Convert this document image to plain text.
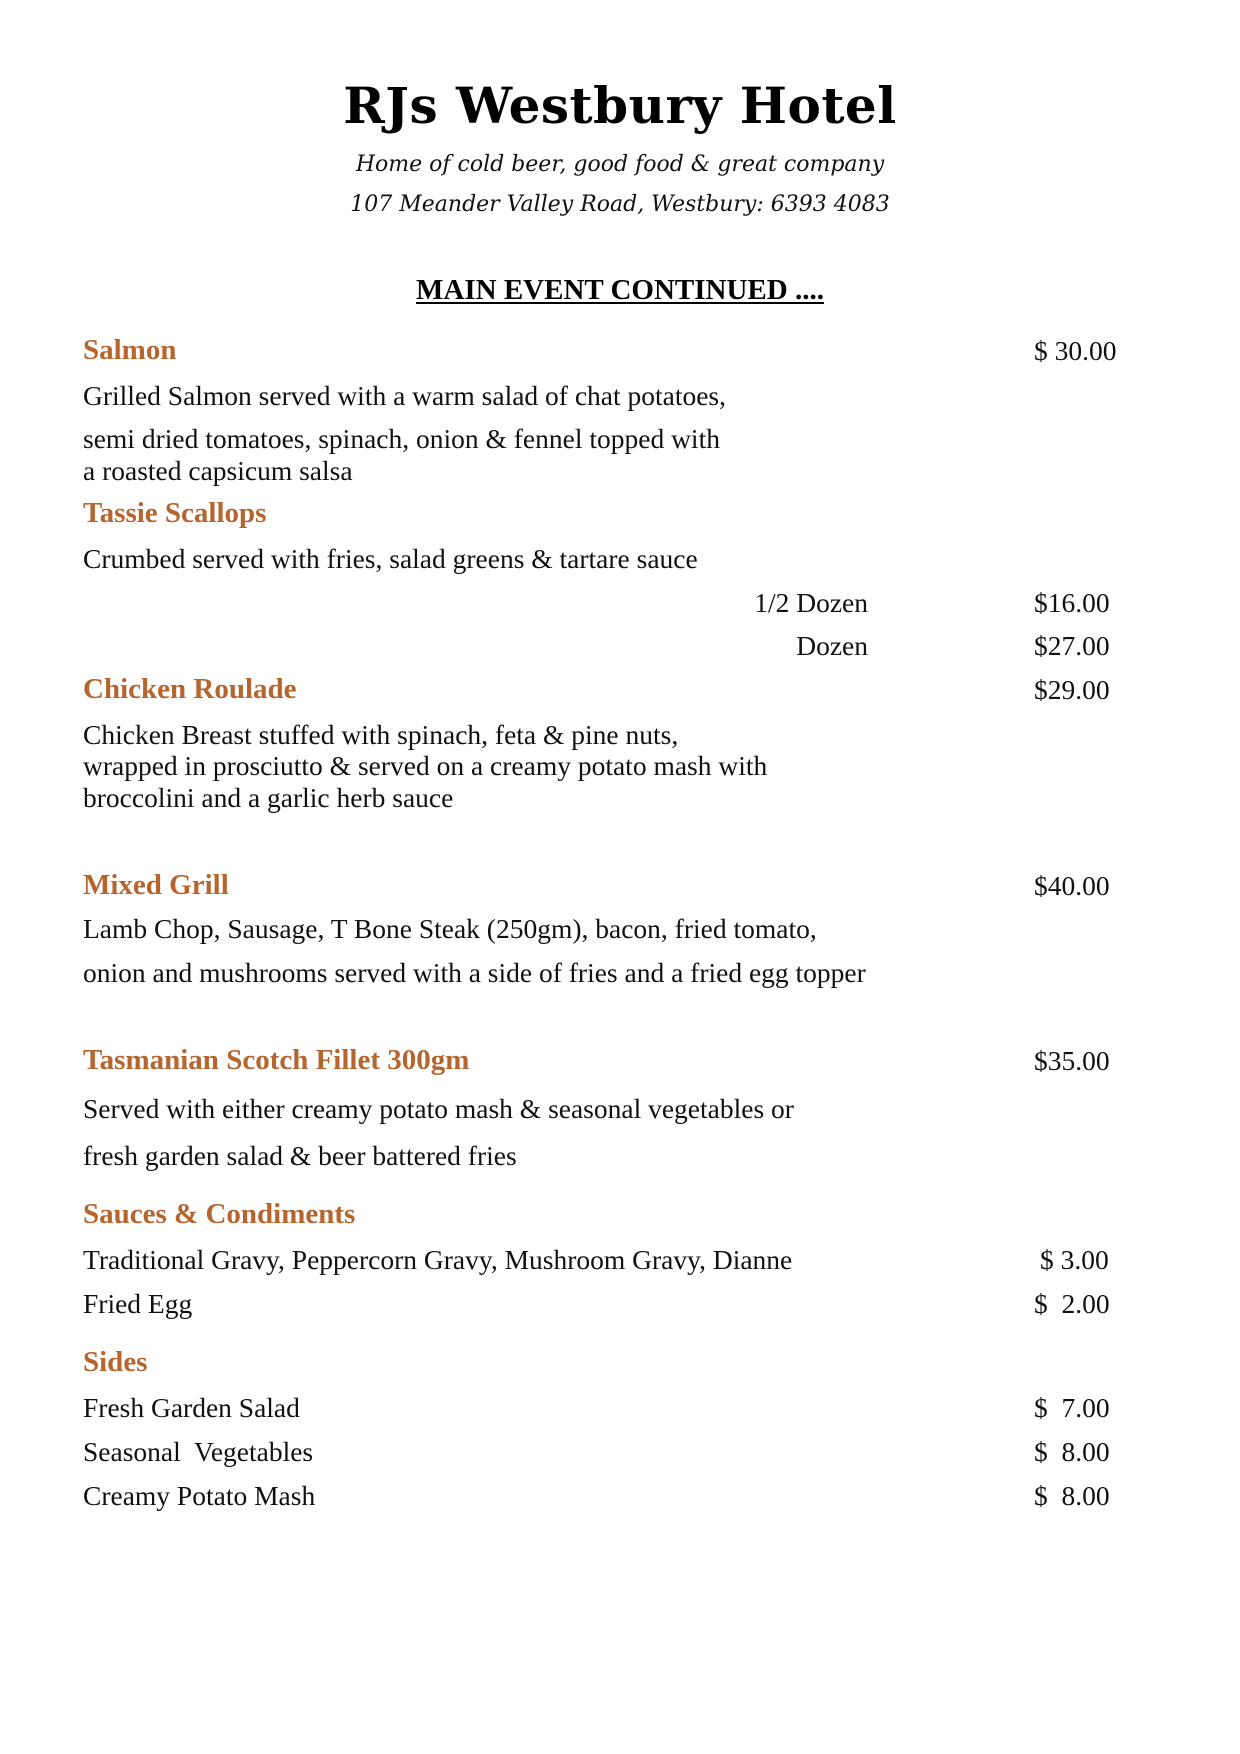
RJs Westbury Hotel
Home of cold beer, good food & great company
107 Meander Valley Road, Westbury: 6393 4083
MAIN EVENT CONTINUED ....
Salmon	$ 30.00
Grilled Salmon served with a warm salad of chat potatoes,
semi dried tomatoes, spinach, onion & fennel topped with
a roasted capsicum salsa
Tassie Scallops
Crumbed served with fries, salad greens & tartare sauce
1/2 Dozen	$16.00
Dozen	$27.00
Chicken Roulade	$29.00
Chicken Breast stuffed with spinach, feta & pine nuts,
wrapped in prosciutto & served on a creamy potato mash with
broccolini and a garlic herb sauce
Mixed Grill	$40.00
Lamb Chop, Sausage, T Bone Steak (250gm), bacon, fried tomato,
onion and mushrooms served with a side of fries and a fried egg topper
Tasmanian Scotch Fillet 300gm	$35.00
Served with either creamy potato mash & seasonal vegetables or
fresh garden salad & beer battered fries
Sauces & Condiments
Traditional Gravy, Peppercorn Gravy, Mushroom Gravy, Dianne	$ 3.00
Fried Egg	$  2.00
Sides
Fresh Garden Salad	$  7.00
Seasonal  Vegetables	$  8.00
Creamy Potato Mash	$  8.00
